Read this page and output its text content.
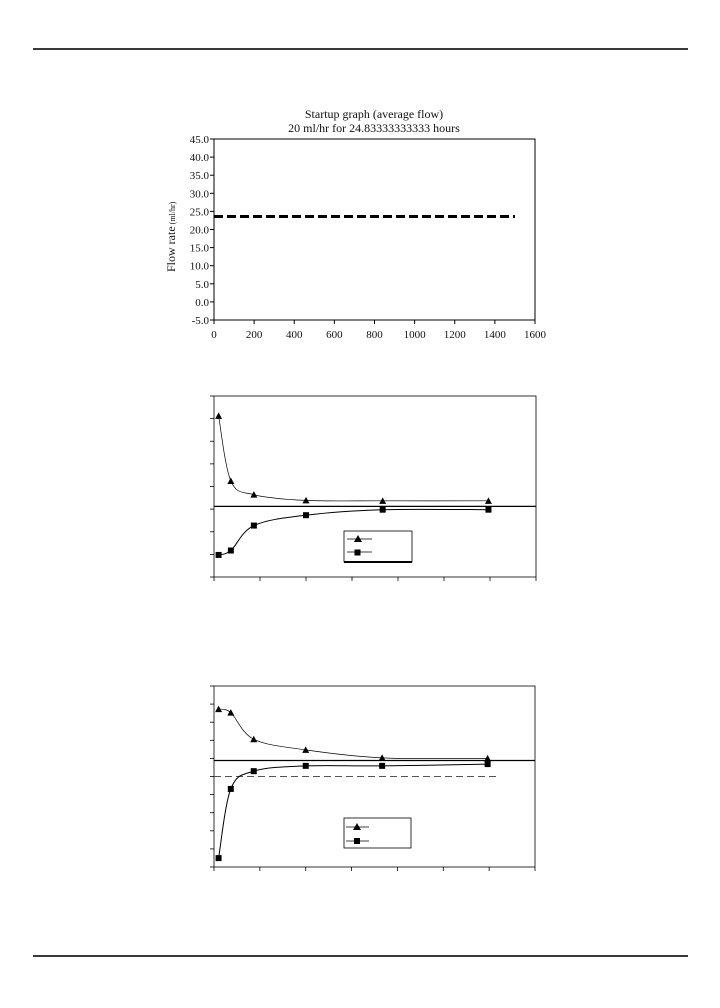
Startup graph (average flow)
20 ml/hr for 24.83333333333 hours
Flow rate(ml/hr)
45.0
40.0
35.0
30.0
25.0
20.0
15.0
10.0
5.0
0.0
-5.0
0	200 400 600 800 1000 1200 1400 1600
